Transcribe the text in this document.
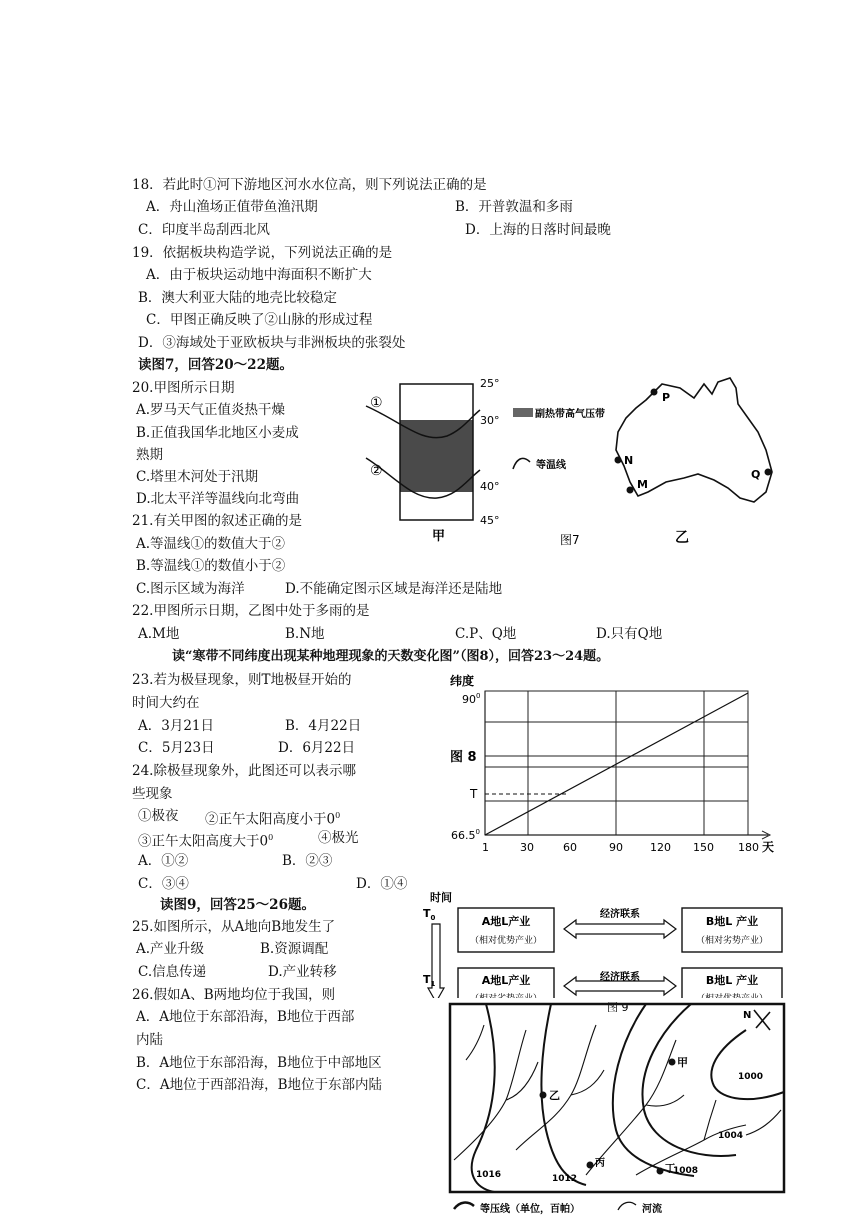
18．若此时①河下游地区河水水位高，则下列说法正确的是
A．舟山渔场正值带鱼渔汛期	B．开普敦温和多雨
C．印度半岛刮西北风	D．上海的日落时间最晚
19．依据板块构造学说，下列说法正确的是
A．由于板块运动地中海面积不断扩大
B．澳大利亚大陆的地壳比较稳定
C．甲图正确反映了②山脉的形成过程
D．③海域处于亚欧板块与非洲板块的张裂处
读图7，回答20～22题。
20.甲图所示日期
A.罗马天气正值炎热干燥
B.正值我国华北地区小麦成
熟期
C.塔里木河处于汛期
D.北太平洋等温线向北弯曲
21.有关甲图的叙述正确的是
A.等温线①的数值大于②
B.等温线①的数值小于②
C.图示区域为海洋	D.不能确定图示区域是海洋还是陆地
22.甲图所示日期，乙图中处于多雨的是
A.M地	B.N地	C.P、Q地	D.只有Q地
读“寒带不同纬度出现某种地理现象的天数变化图”（图8），回答23～24题。
23.若为极昼现象，则T地极昼开始的
时间大约在
A．3月21日	B．4月22日
C．5月23日	D．6月22日
24.除极昼现象外，此图还可以表示哪
些现象
①极夜 ②正午太阳高度小于$0^0$
③正午太阳高度大于$0^0$	④极光
A．①②	B．②③
C．③④	D．①④
读图9，回答25～26题。
25.如图所示，从A地向B地发生了
A.产业升级	B.资源调配
C.信息传递	D.产业转移
26.假如A、B两地均位于我国，则
A．A地位于东部沿海，B地位于西部
内陆
B．A地位于东部沿海，B地位于中部地区
C．A地位于西部沿海，B地位于东部内陆
①
②
25°
30°
40°
45°
甲
副热带高气压带
等温线
图7
P
N
M
Q
乙
纬度
$90^0$
T
图 8
66.5$^0$
1	30	60	90 120 150 180 天
时间
$T_0$
$T_1$
A地L产业
（相对优势产业）
经济联系
B地L 产业
（相对劣势产业）
A地L产业	经济联系	B地L 产业
图 9
N
甲
乙
丙
丁
1000
1004
1008
1012
1016
等压线（单位，百帕）	河流
